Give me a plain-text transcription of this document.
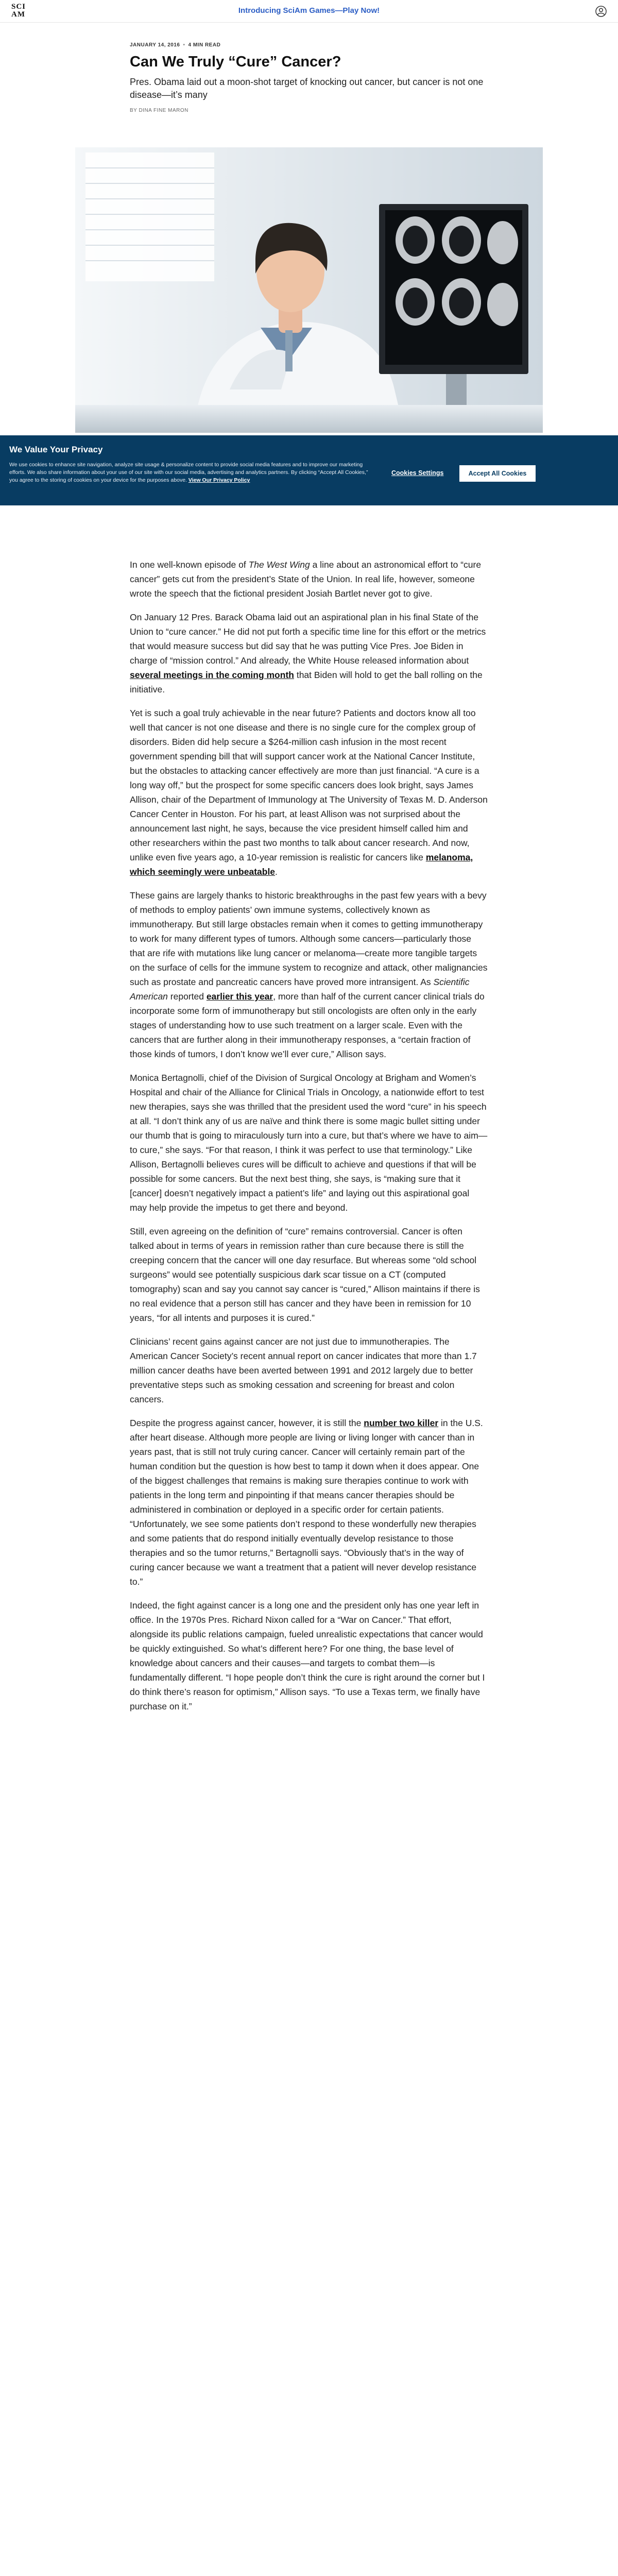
SCI
AM	Introducing SciAm Games—Play Now!
JANUARY 14, 2016 • 4 MIN READ
Can We Truly “Cure” Cancer?

Pres. Obama laid out a moon-shot target of knocking out cancer, but cancer is not one disease—it’s many

BY DINA FINE MARON
We Value Your Privacy

We use cookies to enhance site navigation, analyze site usage & personalize content to provide social media features and to improve our marketing efforts. We also share information about your use of our site with our social media, advertising and analytics partners. By clicking “Accept All Cookies,” you agree to the storing of cookies on your device for the purposes above. View Our Privacy Policy

Cookies Settings	Accept All Cookies

In one well-known episode of The West Wing a line about an astronomical effort to “cure cancer” gets cut from the president’s State of the Union. In real life, however, someone wrote the speech that the fictional president Josiah Bartlet never got to give.

On January 12 Pres. Barack Obama laid out an aspirational plan in his final State of the Union to “cure cancer.” He did not put forth a specific time line for this effort or the metrics that would measure success but did say that he was putting Vice Pres. Joe Biden in charge of “mission control.” And already, the White House released information about several meetings in the coming month that Biden will hold to get the ball rolling on the initiative.

Yet is such a goal truly achievable in the near future? Patients and doctors know all too well that cancer is not one disease and there is no single cure for the complex group of disorders. Biden did help secure a $264-million cash infusion in the most recent government spending bill that will support cancer work at the National Cancer Institute, but the obstacles to attacking cancer effectively are more than just financial. “A cure is a long way off,” but the prospect for some specific cancers does look bright, says James Allison, chair of the Department of Immunology at The University of Texas M. D. Anderson Cancer Center in Houston. For his part, at least Allison was not surprised about the announcement last night, he says, because the vice president himself called him and other researchers within the past two months to talk about cancer research. And now, unlike even five years ago, a 10-year remission is realistic for cancers like melanoma, which seemingly were unbeatable.

These gains are largely thanks to historic breakthroughs in the past few years with a bevy of methods to employ patients’ own immune systems, collectively known as immunotherapy. But still large obstacles remain when it comes to getting immunotherapy to work for many different types of tumors. Although some cancers—particularly those that are rife with mutations like lung cancer or melanoma—create more tangible targets on the surface of cells for the immune system to recognize and attack, other malignancies such as prostate and pancreatic cancers have proved more intransigent. As Scientific American reported earlier this year, more than half of the current cancer clinical trials do incorporate some form of immunotherapy but still oncologists are often only in the early stages of understanding how to use such treatment on a larger scale. Even with the cancers that are further along in their immunotherapy responses, a “certain fraction of those kinds of tumors, I don’t know we’ll ever cure,” Allison says.

Monica Bertagnolli, chief of the Division of Surgical Oncology at Brigham and Women’s Hospital and chair of the Alliance for Clinical Trials in Oncology, a nationwide effort to test new therapies, says she was thrilled that the president used the word “cure” in his speech at all. “I don’t think any of us are naïve and think there is some magic bullet sitting under our thumb that is going to miraculously turn into a cure, but that’s where we have to aim—to cure,” she says. “For that reason, I think it was perfect to use that terminology.” Like Allison, Bertagnolli believes cures will be difficult to achieve and questions if that will be possible for some cancers. But the next best thing, she says, is “making sure that it [cancer] doesn’t negatively impact a patient’s life” and laying out this aspirational goal may help provide the impetus to get there and beyond.

Still, even agreeing on the definition of “cure” remains controversial. Cancer is often talked about in terms of years in remission rather than cure because there is still the creeping concern that the cancer will one day resurface. But whereas some “old school surgeons” would see potentially suspicious dark scar tissue on a CT (computed tomography) scan and say you cannot say cancer is “cured,” Allison maintains if there is no real evidence that a person still has cancer and they have been in remission for 10 years, “for all intents and purposes it is cured.”

Clinicians’ recent gains against cancer are not just due to immunotherapies. The American Cancer Society’s recent annual report on cancer indicates that more than 1.7 million cancer deaths have been averted between 1991 and 2012 largely due to better preventative steps such as smoking cessation and screening for breast and colon cancers.

Despite the progress against cancer, however, it is still the number two killer in the U.S. after heart disease. Although more people are living or living longer with cancer than in years past, that is still not truly curing cancer. Cancer will certainly remain part of the human condition but the question is how best to tamp it down when it does appear. One of the biggest challenges that remains is making sure therapies continue to work with patients in the long term and pinpointing if that means cancer therapies should be administered in combination or deployed in a specific order for certain patients. “Unfortunately, we see some patients don’t respond to these wonderfully new therapies and some patients that do respond initially eventually develop resistance to those therapies and so the tumor returns,” Bertagnolli says. “Obviously that’s in the way of curing cancer because we want a treatment that a patient will never develop resistance to.”

Indeed, the fight against cancer is a long one and the president only has one year left in office. In the 1970s Pres. Richard Nixon called for a “War on Cancer.” That effort, alongside its public relations campaign, fueled unrealistic expectations that cancer would be quickly extinguished. So what’s different here? For one thing, the base level of knowledge about cancers and their causes—and targets to combat them—is fundamentally different. “I hope people don’t think the cure is right around the corner but I do think there’s reason for optimism,” Allison says. “To use a Texas term, we finally have purchase on it.”
